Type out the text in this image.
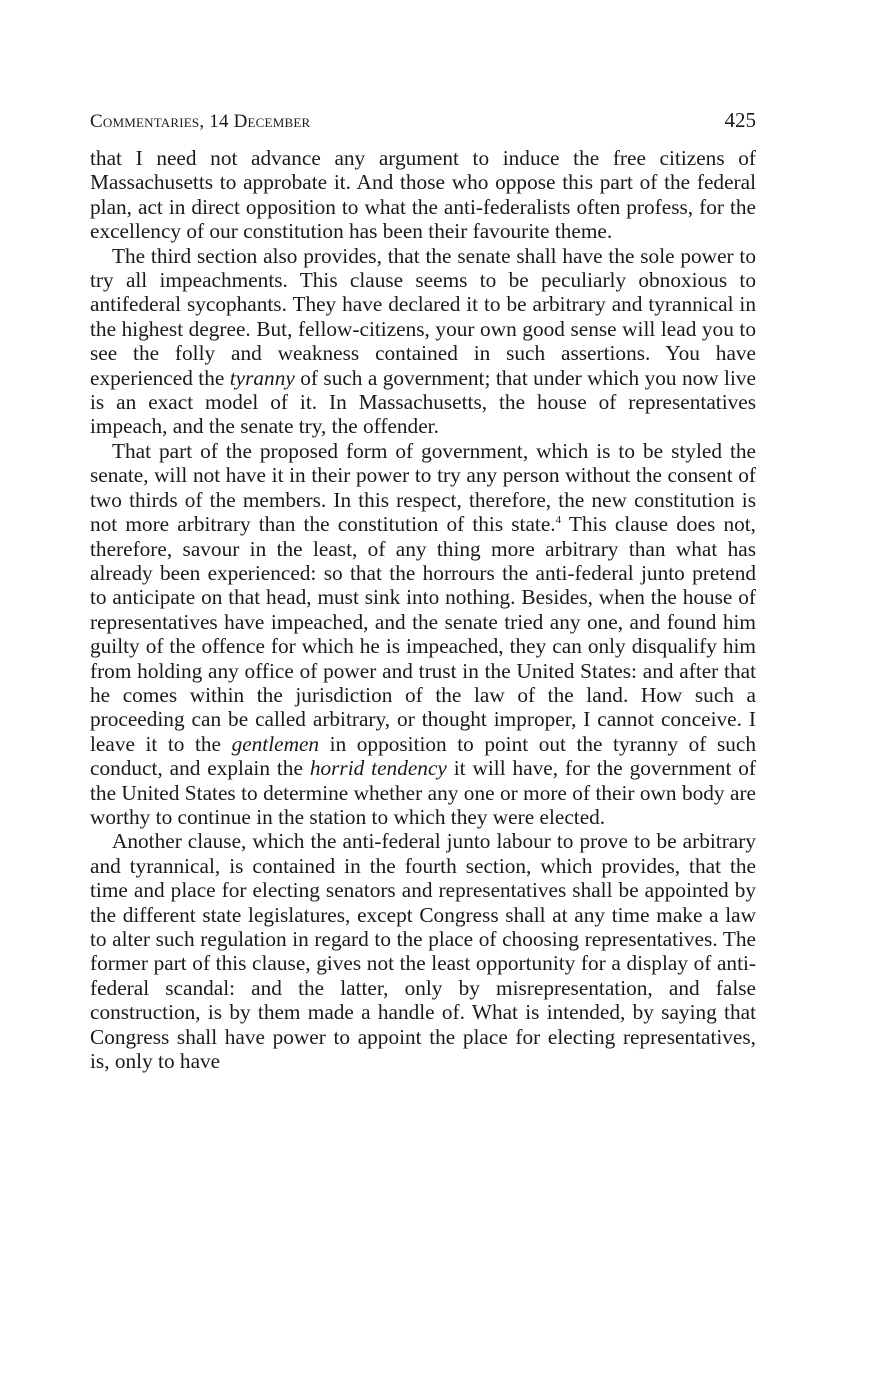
Commentaries, 14 December	425

that I need not advance any argument to induce the free citizens of Massachusetts to approbate it. And those who oppose this part of the federal plan, act in direct opposition to what the anti-federalists often profess, for the excellency of our constitution has been their favourite theme.

The third section also provides, that the senate shall have the sole power to try all impeachments. This clause seems to be peculiarly obnoxious to antifederal sycophants. They have declared it to be arbitrary and tyrannical in the highest degree. But, fellow-citizens, your own good sense will lead you to see the folly and weakness contained in such assertions. You have experienced the tyranny of such a government; that under which you now live is an exact model of it. In Massachusetts, the house of representatives impeach, and the senate try, the offender.

That part of the proposed form of government, which is to be styled the senate, will not have it in their power to try any person without the consent of two thirds of the members. In this respect, therefore, the new constitution is not more arbitrary than the constitution of this state.$^4$ This clause does not, therefore, savour in the least, of any thing more arbitrary than what has already been experienced: so that the horrours the anti-federal junto pretend to anticipate on that head, must sink into nothing. Besides, when the house of representatives have impeached, and the senate tried any one, and found him guilty of the offence for which he is impeached, they can only disqualify him from holding any office of power and trust in the United States: and after that he comes within the jurisdiction of the law of the land. How such a proceeding can be called arbitrary, or thought improper, I cannot conceive. I leave it to the gentlemen in opposition to point out the tyranny of such conduct, and explain the horrid tendency it will have, for the government of the United States to determine whether any one or more of their own body are worthy to continue in the station to which they were elected.

Another clause, which the anti-federal junto labour to prove to be arbitrary and tyrannical, is contained in the fourth section, which provides, that the time and place for electing senators and representatives shall be appointed by the different state legislatures, except Congress shall at any time make a law to alter such regulation in regard to the place of choosing representatives. The former part of this clause, gives not the least opportunity for a display of anti-federal scandal: and the latter, only by misrepresentation, and false construction, is by them made a handle of. What is intended, by saying that Congress shall have power to appoint the place for electing representatives, is, only to have
